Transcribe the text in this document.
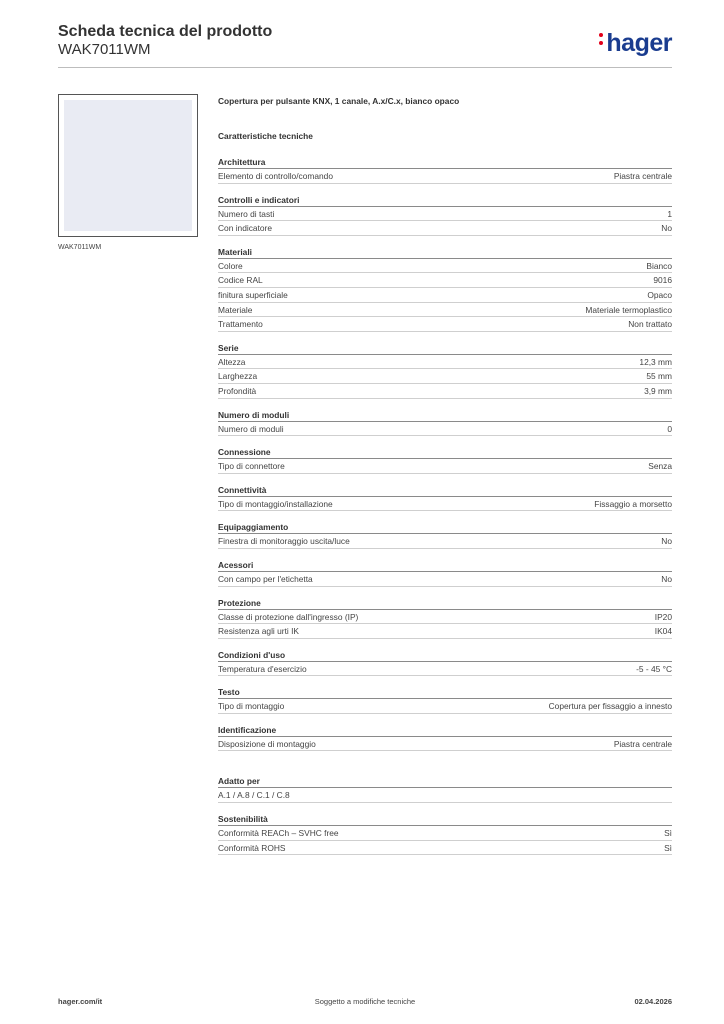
Scheda tecnica del prodotto
WAK7011WM	hager
WAK7011WM
Copertura per pulsante KNX, 1 canale, A.x/C.x, bianco opaco
Caratteristiche tecniche
Architettura
Elemento di controllo/comando	Piastra centrale
Controlli e indicatori
Numero di tasti	1
Con indicatore	No
Materiali
Colore	Bianco
Codice RAL	9016
finitura superficiale	Opaco
Materiale	Materiale termoplastico
Trattamento	Non trattato
Serie
Altezza	12,3 mm
Larghezza	55 mm
Profondità	3,9 mm
Numero di moduli
Numero di moduli	0
Connessione
Tipo di connettore	Senza
Connettività
Tipo di montaggio/installazione	Fissaggio a morsetto
Equipaggiamento
Finestra di monitoraggio uscita/luce	No
Acessori
Con campo per l'etichetta	No
Protezione
Classe di protezione dall'ingresso (IP)	IP20
Resistenza agli urti IK	IK04
Condizioni d'uso
Temperatura d'esercizio	-5 - 45 °C
Testo
Tipo di montaggio	Copertura per fissaggio a innesto
Identificazione
Disposizione di montaggio	Piastra centrale
Adatto per
A.1 / A.8 / C.1 / C.8
Sostenibilità
Conformità REACh – SVHC free	Sì
Conformità ROHS	Sì
hager.com/it	Soggetto a modifiche tecniche	02.04.2026
